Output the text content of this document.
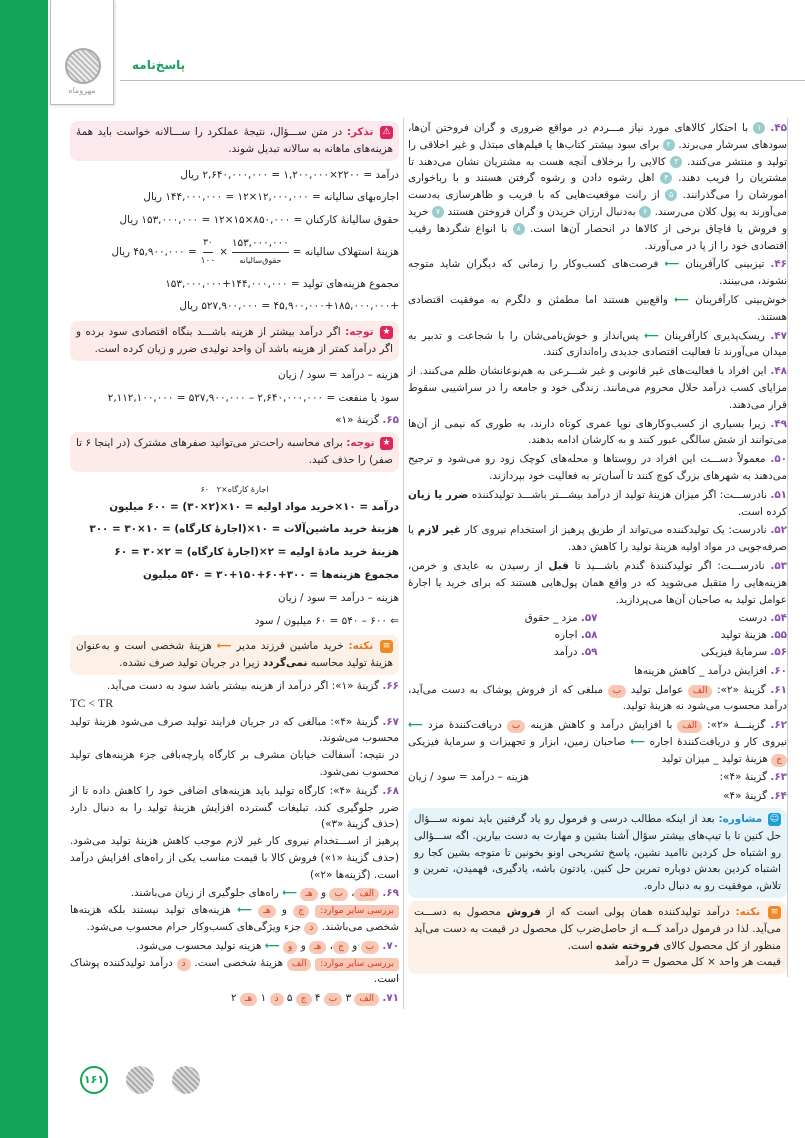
مهروماه
پاسخ‌نامه
۴۵. ۱ با احتکار کالاهای مورد نیاز مـــردم در مواقع ضروری و گران فروختن آن‌ها، سودهای سرشار می‌برند. ۲ برای سود بیشتر کتاب‌ها یا فیلم‌های مبتذل و غیر اخلاقی را تولید و منتشر می‌کنند. ۳ کالایی را برخلاف آنچه هست به مشتریان نشان می‌دهند تا مشتریان را فریب دهند. ۴ اهل رشوه دادن و رشوه گرفتن هستند و با رباخواری امورشان را می‌گذرانند. ۵ از رانت موقعیت‌هایی که با فریب و ظاهرسازی به‌دست می‌آورند به پول کلان می‌رسند. ۶ به‌دنبال ارزان خریدن و گران فروختن هستند ۷ خرید و فروش یا قاچاق برخی از کالاها در انحصار آن‌ها است. ۸ با انواع شگردها رقیب اقتصادی خود را از پا در می‌آورند.
۴۶. تیزبینی کارآفرینان ⟵ فرصت‌های کسب‌وکار را زمانی که دیگران شاید متوجه نشوند، می‌بینند.
خوش‌بینی کارآفرینان ⟵ واقع‌بین هستند اما مطمئن و دلگرم به موفقیت اقتصادی هستند.
۴۷. ریسک‌پذیری کارآفرینان ⟵ پس‌انداز و خوش‌نامی‌شان را با شجاعت و تدبیر به میدان می‌آورند تا فعالیت اقتصادی جدیدی راه‌اندازی کنند.
۴۸. این افراد با فعالیت‌های غیر قانونی و غیر شـــرعی به هم‌نوعانشان ظلم می‌کنند. از مزایای کسب درآمد حلال محروم می‌مانند. زندگی خود و جامعه را در سراشیبی سقوط قرار می‌دهند.
۴۹. زیرا بسیاری از کسب‌وکارهای نوپا عمری کوتاه دارند، به طوری که نیمی از آن‌ها می‌توانند از شش سالگی عبور کنند و به کارشان ادامه بدهند.
۵۰. معمولاً دســـت این افراد در روستاها و محله‌های کوچک زود رو می‌شود و ترجیح می‌دهند به شهرهای بزرگ کوچ کنند تا آسان‌تر به فعالیت خود بپردازند.
۵۱. نادرســـت: اگر میزان هزینهٔ تولید از درآمد بیشـــتر باشـــد تولیدکننده ضرر یا زیان کرده است.
۵۲. نادرست: یک تولیدکننده می‌تواند از طریق پرهیز از استخدام نیروی کار غیر لازم یا صرفه‌جویی در مواد اولیه هزینهٔ تولید را کاهش دهد.
۵۳. نادرســـت: اگر تولیدکنندهٔ گندم باشـــید تا قبل از رسیدن به عایدی و خرمن، هزینه‌هایی را متقبل می‌شوید که در واقع همان پول‌هایی هستند که برای خرید یا اجارهٔ عوامل تولید به صاحبان آن‌ها می‌پردازید.
۵۴. درست
۵۷. مزد _ حقوق
۵۵. هزینهٔ تولید
۵۸. اجاره
۵۶. سرمایهٔ فیزیکی
۵۹. درآمد
۶۰. افزایش درآمد _ کاهش هزینه‌ها
۶۱. گزینهٔ «۲»: الف عوامل تولید ب مبلغی که از فروش پوشاک به دست می‌آید، درآمد محسوب می‌شود نه هزینهٔ تولید.
۶۲. گزینـــهٔ «۲»: الف با افزایش درآمد و کاهش هزینه ب دریافت‌کنندهٔ مزد ⟵ نیروی کار و دریافت‌کنندهٔ اجاره ⟵ صاحبان زمین، ابزار و تجهیزات و سرمایهٔ فیزیکی ج هزینهٔ تولید _ میزان تولید
۶۳. گزینهٔ «۴»:
هزینه – درآمد = سود / زیان
۶۴. گزینهٔ «۴»
☺ مشاوره: بعد از اینکه مطالب درسی و فرمول رو یاد گرفتین باید نمونه ســـؤال حل کنین تا با تیپ‌های بیشتر سؤال آشنا بشین و مهارت به دست بیارین. اگه ســـؤالی رو اشتباه حل کردین ناامید نشین، پاسخ تشریحی اونو بخونین تا متوجه بشین کجا رو اشتباه کردین بعدش دوباره تمرین حل کنین. یادتون باشه، یادگیری، فهمیدن، تمرین و تلاش، موفقیت رو به دنبال داره.
≡ نکته: درآمد تولیدکننده همان پولی است که از فروش محصول به دســـت می‌آید. لذا در فرمول درآمد کـــه از حاصل‌ضرب کل محصول در قیمت به دست می‌آید منظور از کل محصول کالای فروخته شده است.
قیمت هر واحد × کل محصول = درآمد
⚠ تذکر: در متن ســـؤال، نتیجهٔ عملکرد را ســـالانه خواست باید همهٔ هزینه‌های ماهانه به سالانه تبدیل شوند.
درآمد = ۲۲۰۰×۱,۲۰۰,۰۰۰ = ۲,۶۴۰,۰۰۰,۰۰۰ ریال
اجاره‌بهای سالیانه = ۱۲,۰۰۰,۰۰۰×۱۲ = ۱۴۴,۰۰۰,۰۰۰ ریال
حقوق سالیانهٔ کارکنان = ۸۵۰,۰۰۰×۱۵×۱۲ = ۱۵۳,۰۰۰,۰۰۰ ریال
هزینهٔ استهلاک سالیانه =
۱۵۳,۰۰۰,۰۰۰
حقوق‌سالیانه
×
۳۰
۱۰۰
= ۴۵,۹۰۰,۰۰۰ ریال
مجموع هزینه‌های تولید = ۱۴۴,۰۰۰,۰۰۰+۱۵۳,۰۰۰,۰۰۰
+۴۵,۹۰۰,۰۰۰+۱۸۵,۰۰۰,۰۰۰ = ۵۲۷,۹۰۰,۰۰۰ ریال
★ توجه: اگر درآمد بیشتر از هزینه باشـــد بنگاه اقتصادی سود برده و اگر درآمد کمتر از هزینه باشد آن واحد تولیدی ضرر و زیان کرده است.
هزینه – درآمد = سود / زیان
سود یا منفعت = ۲,۶۴۰,۰۰۰,۰۰۰ – ۵۲۷,۹۰۰,۰۰۰ = ۲,۱۱۲,۱۰۰,۰۰۰
۶۵. گزینهٔ «۱»
★ توجه: برای محاسبه راحت‌تر می‌توانید صفرهای مشترک (در اینجا ۶ تا صفر) را حذف کنید.
اجارهٔ کارگاه×۲   ۶۰
درآمد = ۱۰×خرید مواد اولیه = ۱۰×(۲×۳۰) = ۶۰۰ میلیون
هزینهٔ خرید ماشین‌آلات = ۱۰×(اجارهٔ کارگاه) = ۱۰×۳۰ = ۳۰۰
هزینهٔ خرید مادهٔ اولیه = ۲×(اجارهٔ کارگاه) = ۲×۳۰ = ۶۰
مجموع هزینه‌ها = ۳۰۰+۶۰+۱۵۰+۳۰ = ۵۴۰ میلیون
هزینه – درآمد = سود / زیان
⇐ ۶۰۰ – ۵۴۰ = ۶۰ میلیون / سود
≡ نکته: خرید ماشین فرزند مدیر ⟵ هزینهٔ شخصی است و به‌عنوان هزینهٔ تولید محاسبه نمی‌گردد زیرا در جریان تولید صرف نشده.
۶۶. گزینهٔ «۱»: اگر درآمد از هزینه بیشتر باشد سود به دست می‌آید.
TC < TR
۶۷. گزینهٔ «۴»: مبالغی که در جریان فرایند تولید صرف می‌شود هزینهٔ تولید محسوب می‌شوند.
در نتیجه: آسفالت خیابان مشرف بر کارگاه پارچه‌بافی جزء هزینه‌های تولید محسوب نمی‌شود.
۶۸. گزینهٔ «۴»: کارگاه تولید باید هزینه‌های اضافی خود را کاهش داده تا از ضرر جلوگیری کند، تبلیغات گسترده افزایش هزینهٔ تولید را به دنبال دارد (حذف گزینهٔ «۳»)
پرهیز از اســـتخدام نیروی کار غیر لازم موجب کاهش هزینهٔ تولید می‌شود. (حذف گزینهٔ «۱») فروش کالا با قیمت مناسب یکی از راه‌های افزایش درآمد است. (گزینه‌ها «۲»)
۶۹. الف، ب و هـ ⟵ راه‌های جلوگیری از زیان می‌باشند.
بررسی سایر موارد: ج و هـ ⟵ هزینه‌های تولید نیستند بلکه هزینه‌ها شخصی می‌باشند. د جزء ویژگی‌های کسب‌وکار حرام محسوب می‌شود.
۷۰. ب و ج، هـ و و ⟵ هزینه تولید محسوب می‌شود.
بررسی سایر موارد: الف هزینهٔ شخصی است. د درآمد تولیدکننده پوشاک است.
۷۱. الف ۳ ب ۴ ج ۵ د ۱ هـ ۲
۱۶۱
